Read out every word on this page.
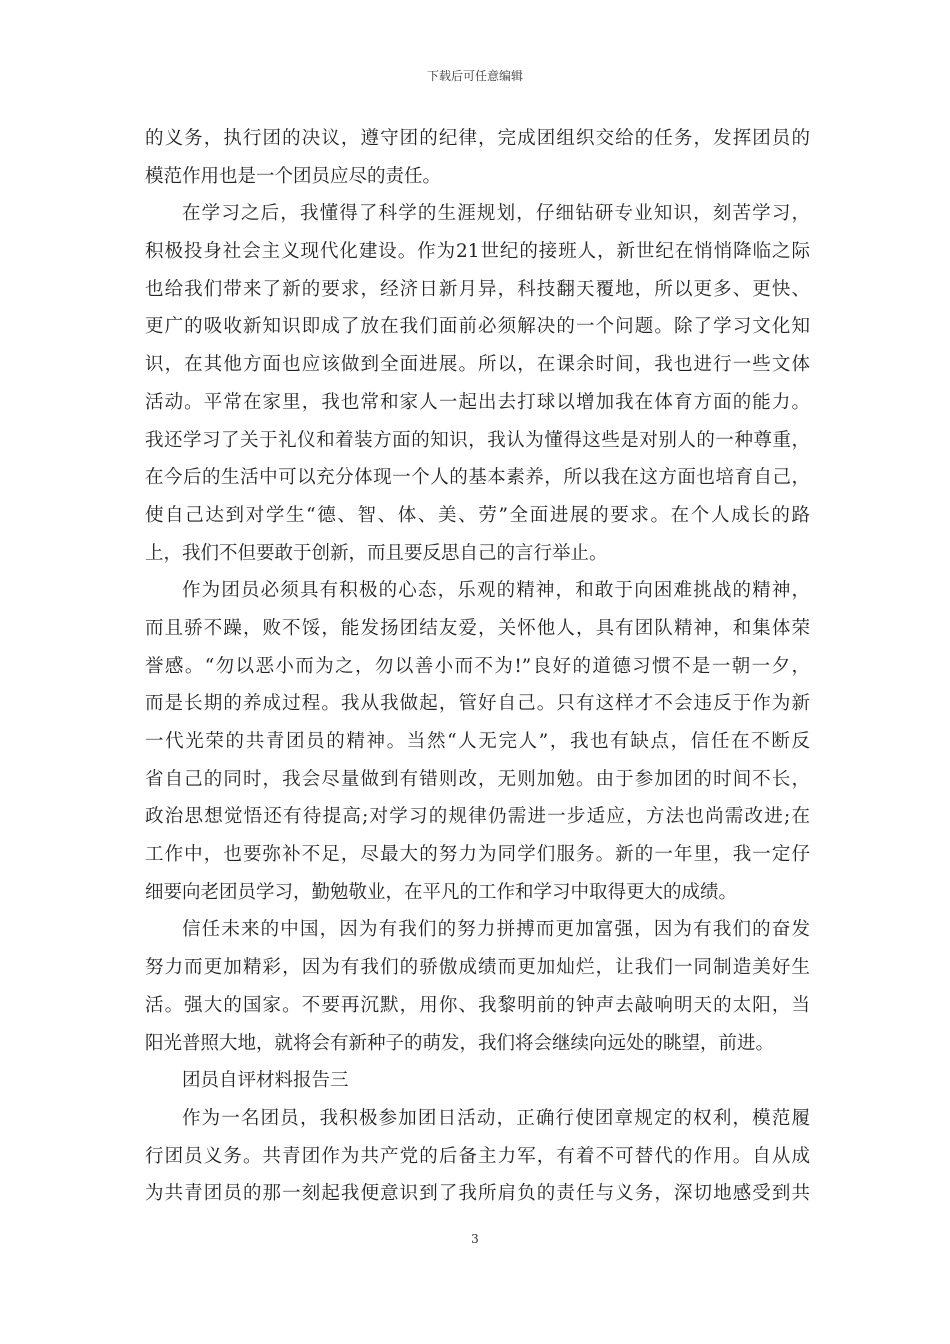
下载后可任意编辑
的义务，执行团的决议，遵守团的纪律，完成团组织交给的任务，发挥团员的
模范作用也是一个团员应尽的责任。
在学习之后，我懂得了科学的生涯规划，仔细钻研专业知识，刻苦学习，
积极投身社会主义现代化建设。作为21世纪的接班人，新世纪在悄悄降临之际
也给我们带来了新的要求，经济日新月异，科技翻天覆地，所以更多、更快、
更广的吸收新知识即成了放在我们面前必须解决的一个问题。除了学习文化知
识，在其他方面也应该做到全面进展。所以，在课余时间，我也进行一些文体
活动。平常在家里，我也常和家人一起出去打球以增加我在体育方面的能力。
我还学习了关于礼仪和着装方面的知识，我认为懂得这些是对别人的一种尊重，
在今后的生活中可以充分体现一个人的基本素养，所以我在这方面也培育自己，
使自己达到对学生“德、智、体、美、劳”全面进展的要求。在个人成长的路
上，我们不但要敢于创新，而且要反思自己的言行举止。
作为团员必须具有积极的心态，乐观的精神，和敢于向困难挑战的精神，
而且骄不躁，败不馁，能发扬团结友爱，关怀他人，具有团队精神，和集体荣
誉感。“勿以恶小而为之，勿以善小而不为!”良好的道德习惯不是一朝一夕，
而是长期的养成过程。我从我做起，管好自己。只有这样才不会违反于作为新
一代光荣的共青团员的精神。当然“人无完人”，我也有缺点，信任在不断反
省自己的同时，我会尽量做到有错则改，无则加勉。由于参加团的时间不长，
政治思想觉悟还有待提高;对学习的规律仍需进一步适应，方法也尚需改进;在
工作中，也要弥补不足，尽最大的努力为同学们服务。新的一年里，我一定仔
细要向老团员学习，勤勉敬业，在平凡的工作和学习中取得更大的成绩。
信任未来的中国，因为有我们的努力拼搏而更加富强，因为有我们的奋发
努力而更加精彩，因为有我们的骄傲成绩而更加灿烂，让我们一同制造美好生
活。强大的国家。不要再沉默，用你、我黎明前的钟声去敲响明天的太阳，当
阳光普照大地，就将会有新种子的萌发，我们将会继续向远处的眺望，前进。
团员自评材料报告三
作为一名团员，我积极参加团日活动，正确行使团章规定的权利，模范履
行团员义务。共青团作为共产党的后备主力军，有着不可替代的作用。自从成
为共青团员的那一刻起我便意识到了我所肩负的责任与义务，深切地感受到共
3
